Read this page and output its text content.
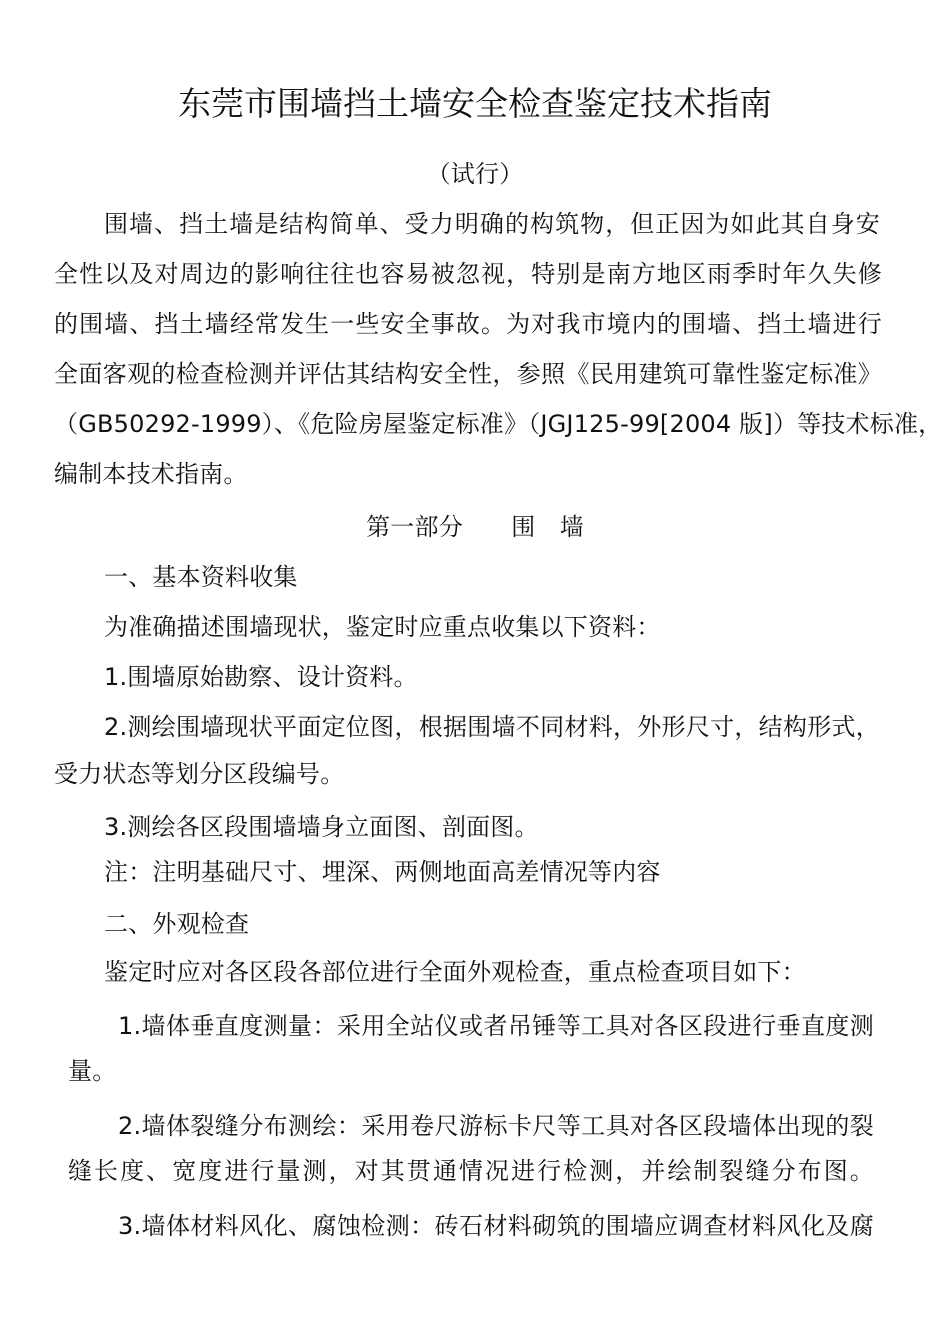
东莞市围墙挡土墙安全检查鉴定技术指南
（试行）
围墙、挡土墙是结构简单、受力明确的构筑物，但正因为如此其自身安
全性以及对周边的影响往往也容易被忽视，特别是南方地区雨季时年久失修
的围墙、挡土墙经常发生一些安全事故。为对我市境内的围墙、挡土墙进行
全面客观的检查检测并评估其结构安全性，参照《民用建筑可靠性鉴定标准》
（GB50292-1999）、《危险房屋鉴定标准》（JGJ125-99[2004 版]）等技术标准，
编制本技术指南。
第一部分　　围　墙
一、基本资料收集
为准确描述围墙现状，鉴定时应重点收集以下资料：
1.围墙原始勘察、设计资料。
2.测绘围墙现状平面定位图，根据围墙不同材料，外形尺寸，结构形式，
受力状态等划分区段编号。
3.测绘各区段围墙墙身立面图、剖面图。
注：注明基础尺寸、埋深、两侧地面高差情况等内容
二、外观检查
鉴定时应对各区段各部位进行全面外观检查，重点检查项目如下：
1.墙体垂直度测量：采用全站仪或者吊锤等工具对各区段进行垂直度测
量。
2.墙体裂缝分布测绘：采用卷尺游标卡尺等工具对各区段墙体出现的裂
缝长度、宽度进行量测，对其贯通情况进行检测，并绘制裂缝分布图。
3.墙体材料风化、腐蚀检测：砖石材料砌筑的围墙应调查材料风化及腐
